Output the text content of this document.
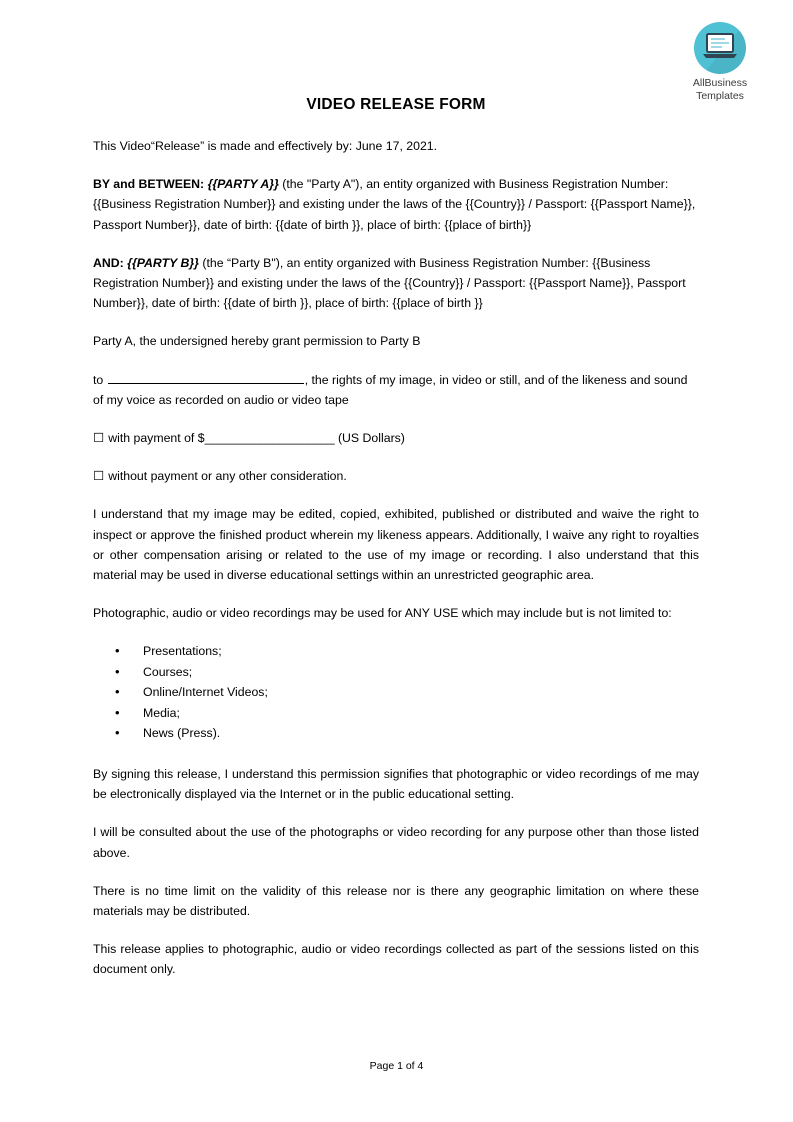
AllBusiness
Templates
VIDEO RELEASE FORM

This Video“Release” is made and effectively by: June 17, 2021.

BY and BETWEEN: {{PARTY A}} (the "Party A"), an entity organized with Business Registration Number: {{Business Registration Number}} and existing under the laws of the {{Country}} / Passport: {{Passport Name}}, Passport Number}}, date of birth: {{date of birth }}, place of birth: {{place of birth}}

AND: {{PARTY B}} (the “Party B"), an entity organized with Business Registration Number: {{Business Registration Number}} and existing under the laws of the {{Country}} / Passport: {{Passport Name}}, Passport Number}}, date of birth: {{date of birth }}, place of birth: {{place of birth }}

Party A, the undersigned hereby grant permission to Party B

to	, the rights of my image, in video or still, and of the likeness and sound of my voice as recorded on audio or video tape

☐ with payment of $___________________ (US Dollars)

☐ without payment or any other consideration.

I understand that my image may be edited, copied, exhibited, published or distributed and waive the right to inspect or approve the finished product wherein my likeness appears. Additionally, I waive any right to royalties or other compensation arising or related to the use of my image or recording. I also understand that this material may be used in diverse educational settings within an unrestricted geographic area.

Photographic, audio or video recordings may be used for ANY USE which may include but is not limited to:

• Presentations;
• Courses;
• Online/Internet Videos;
• Media;
• News (Press).

By signing this release, I understand this permission signifies that photographic or video recordings of me may be electronically displayed via the Internet or in the public educational setting.

I will be consulted about the use of the photographs or video recording for any purpose other than those listed above.

There is no time limit on the validity of this release nor is there any geographic limitation on where these materials may be distributed.

This release applies to photographic, audio or video recordings collected as part of the sessions listed on this document only.

Page 1 of 4
